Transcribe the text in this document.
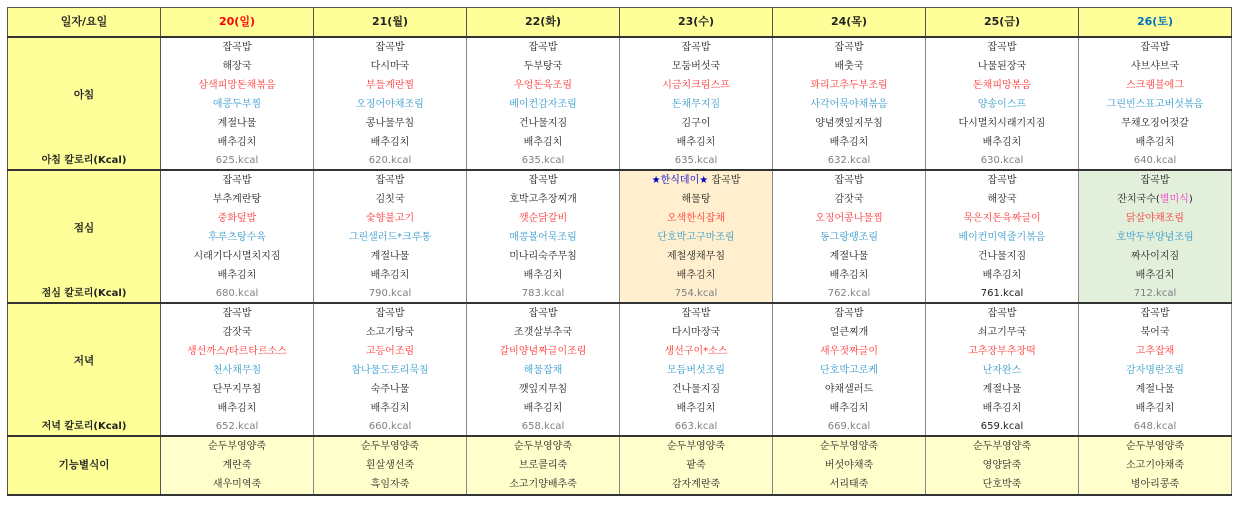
일자/요일	20(일)	21(월)	22(화)	23(수)	24(목)	25(금)	26(토)
아침	잡곡밥	잡곡밥	잡곡밥	잡곡밥	잡곡밥	잡곡밥	잡곡밥
	해장국	다시마국	두부탕국	모둠버섯국	배춧국	나물된장국	샤브샤브국
	삼색피망돈채볶음	부들계란찜	우엉돈육조림	시금치크림스프	꽈리고추두부조림	돈채피망볶음	스크램블에그
	애콩두부찜	오징어야채조림	베이컨감자조림	돈채무지짐	사각어묵야채볶음	양송이스프	그린빈스표고버섯볶음
	계절나물	콩나물무침	건나물지짐	김구이	양념깻잎지무침	다시멸치시래기지짐	무채오징어젓갈
	배추김치	배추김치	배추김치	배추김치	배추김치	배추김치	배추김치
아침 칼로리(Kcal)	625.kcal	620.kcal	635.kcal	635.kcal	632.kcal	630.kcal	640.kcal
점심	잡곡밥	잡곡밥	잡곡밥	★한식데이★ 잡곡밥	잡곡밥	잡곡밥	잡곡밥
	부추계란탕	김칫국	호박고추장찌개	해물탕	감잣국	해장국	잔치국수(별미식)
	중화덮밥	숯향불고기	깻순닭갈비	오색한식잡채	오징어콩나물찜	묵은지돈육짜글이	닭살야채조림
	후루츠탕수육	그린샐러드*크루통	매콤볼어묵조림	단호박고구마조림	동그랑땡조림	베이컨미역줄기볶음	호박두부양념조림
	시래기다시멸치지짐	계절나물	미나리숙주무침	제철생채무침	계절나물	건나물지짐	짜사이지짐
	배추김치	배추김치	배추김치	배추김치	배추김치	배추김치	배추김치
점심 칼로리(Kcal)	680.kcal	790.kcal	783.kcal	754.kcal	762.kcal	761.kcal	712.kcal
저녁	잡곡밥	잡곡밥	잡곡밥	잡곡밥	잡곡밥	잡곡밥	잡곡밥
	감잣국	소고기탕국	조갯살부추국	다시마장국	얼큰찌개	쇠고기무국	북어국
	생선까스/타르타르소스	고등어조림	갈비양념짜글이조림	생선구이*소스	새우젓짜글이	고추장부추장떡	고추잡채
	천사채무침	참나물도토리묵침	해물잡채	모듬버섯조림	단호박고로케	난자완스	감자명란조림
	단무지무침	숙주나물	깻잎지무침	건나물지짐	야채샐러드	계절나물	계절나물
	배추김치	배추김치	배추김치	배추김치	배추김치	배추김치	배추김치
저녁 칼로리(Kcal)	652.kcal	660.kcal	658.kcal	663.kcal	669.kcal	659.kcal	648.kcal
기능별식이	순두부영양죽	순두부영양죽	순두부영양죽	순두부영양죽	순두부영양죽	순두부영양죽	순두부영양죽
	계란죽	흰살생선죽	브로콜리죽	팥죽	버섯야채죽	영양닭죽	소고기야채죽
	새우미역죽	흑임자죽	소고기양배추죽	감자계란죽	서리태죽	단호박죽	병아리콩죽
